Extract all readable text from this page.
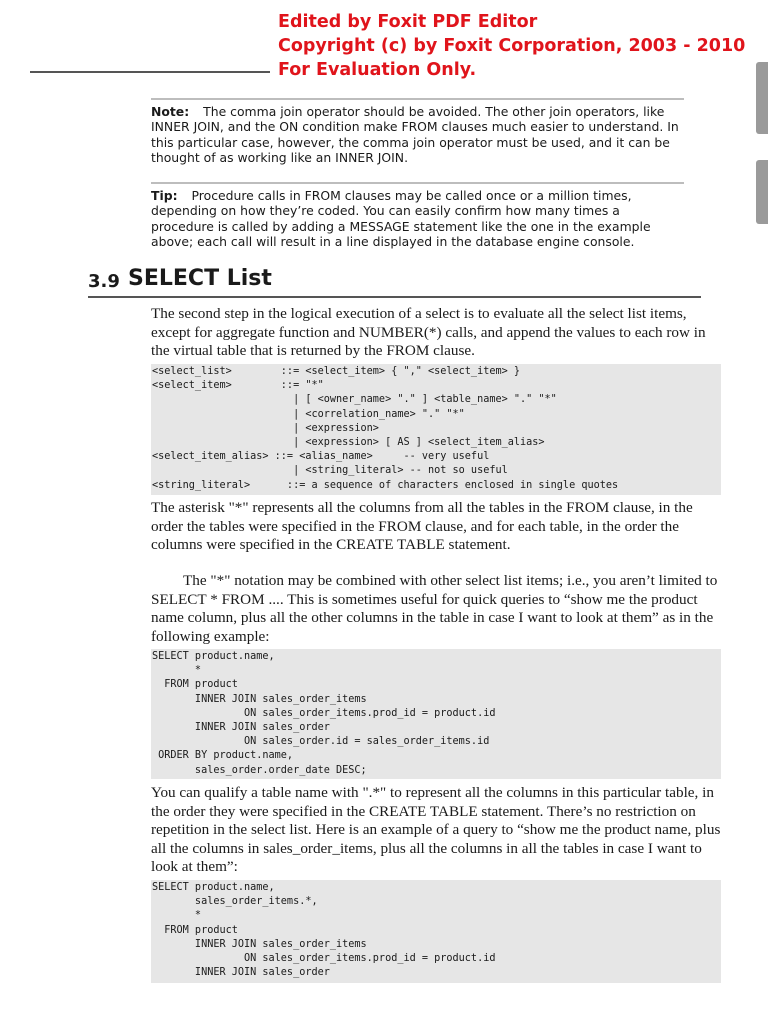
Edited by Foxit PDF Editor
Copyright (c) by Foxit Corporation, 2003 - 2010
For Evaluation Only.
Note: The comma join operator should be avoided. The other join operators, like INNER JOIN, and the ON condition make FROM clauses much easier to understand. In this particular case, however, the comma join operator must be used, and it can be thought of as working like an INNER JOIN.
Tip: Procedure calls in FROM clauses may be called once or a million times, depending on how they’re coded. You can easily confirm how many times a procedure is called by adding a MESSAGE statement like the one in the example above; each call will result in a line displayed in the database engine console.
3.9 SELECT List
The second step in the logical execution of a select is to evaluate all the select list items, except for aggregate function and NUMBER(*) calls, and append the values to each row in the virtual table that is returned by the FROM clause.
<select_list>        ::= <select_item> { "," <select_item> }
<select_item>        ::= "*"
| [ <owner_name> "." ] <table_name> "." "*"
| <correlation_name> "." "*"
| <expression>
| <expression> [ AS ] <select_item_alias>
<select_item_alias> ::= <alias_name>     -- very useful
| <string_literal> -- not so useful
<string_literal>      ::= a sequence of characters enclosed in single quotes
The asterisk "*" represents all the columns from all the tables in the FROM clause, in the order the tables were specified in the FROM clause, and for each table, in the order the columns were specified in the CREATE TABLE statement.
The "*" notation may be combined with other select list items; i.e., you aren’t limited to SELECT * FROM .... This is sometimes useful for quick queries to “show me the product name column, plus all the other columns in the table in case I want to look at them” as in the following example:
SELECT product.name,
*
FROM product
INNER JOIN sales_order_items
ON sales_order_items.prod_id = product.id
INNER JOIN sales_order
ON sales_order.id = sales_order_items.id
ORDER BY product.name,
sales_order.order_date DESC;
You can qualify a table name with ".*" to represent all the columns in this particular table, in the order they were specified in the CREATE TABLE statement. There’s no restriction on repetition in the select list. Here is an example of a query to “show me the product name, plus all the columns in sales_order_items, plus all the columns in all the tables in case I want to look at them”:
SELECT product.name,
sales_order_items.*,
*
FROM product
INNER JOIN sales_order_items
ON sales_order_items.prod_id = product.id
INNER JOIN sales_order
